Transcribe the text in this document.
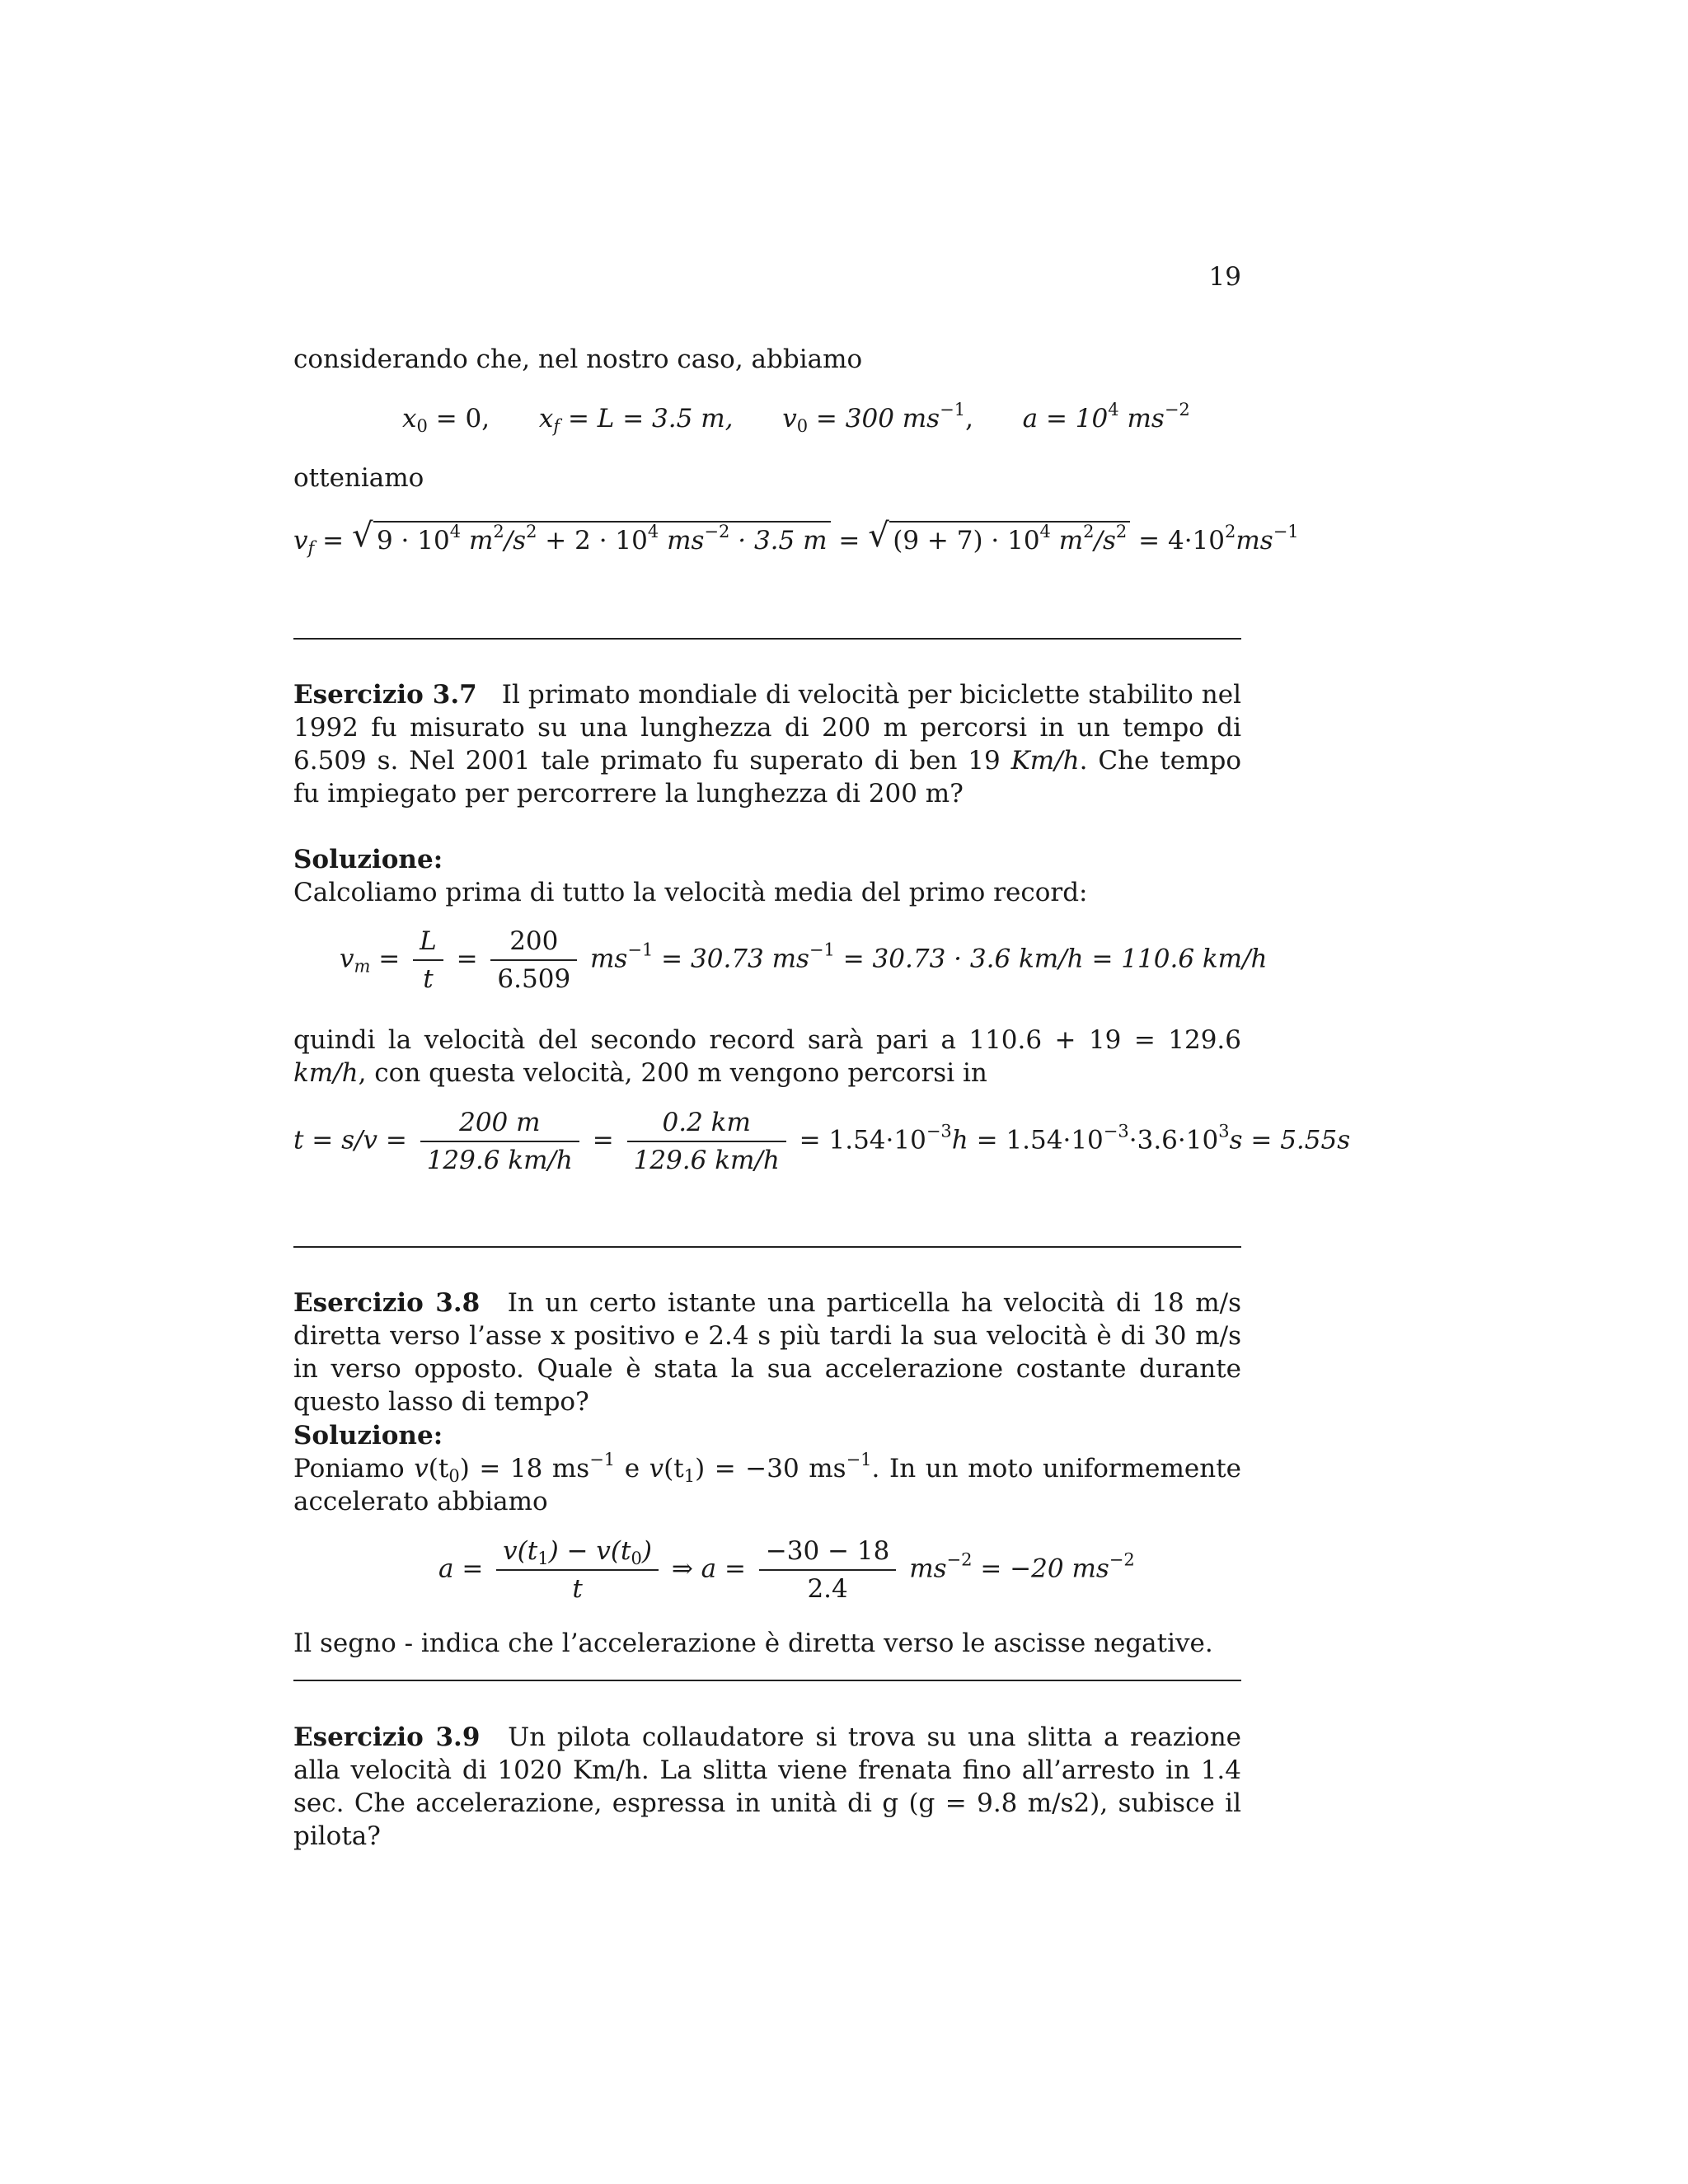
19
considerando che, nel nostro caso, abbiamo
$x_0 = 0$, $x_f = L = 3.5$ m, $v_0 = 300$ $ms^{-1}$, $a = 10^4$ $ms^{-2}$
otteniamo
$v_f$ = √ $9 \cdot 10^4$ $m^2/s^2 + 2 \cdot 10^4$ $ms^{-2} \cdot 3.5$ m = √ $(9 + 7) \cdot 10^4$ $m^2/s^2 = 4\cdot 10^2ms^{-1}$
Esercizio 3.7 Il primato mondiale di velocità per biciclette stabilito nel 1992 fu misurato su una lunghezza di 200 m percorsi in un tempo di 6.509 s. Nel 2001 tale primato fu superato di ben 19 Km/h. Che tempo fu impiegato per percorrere la lunghezza di 200 m?
Soluzione:
Calcoliamo prima di tutto la velocità media del primo record:
$v_m = \frac{L}{t} = \frac{200}{6.509} ms^{-1} = 30.73$ $ms^{-1} = 30.73 \cdot 3.6$ km/h = 110.6 km/h
quindi la velocità del secondo record sarà pari a 110.6 + 19 = 129.6 km/h, con questa velocità, 200 m vengono percorsi in
$t = s/v = \frac{200 m}{129.6 km/h} = \frac{0.2 km}{129.6 km/h} = 1.54\cdot 10^{-3}h = 1.54\cdot 10^{-3}\cdot 3.6\cdot 10^3s = 5.55s$
Esercizio 3.8 In un certo istante una particella ha velocità di 18 m/s diretta verso l’asse x positivo e 2.4 s più tardi la sua velocità è di 30 m/s in verso opposto. Quale è stata la sua accelerazione costante durante questo lasso di tempo?
Soluzione:
Poniamo $v(t_0) = 18$ $ms^{-1}$ e $v(t_1) = -30$ $ms^{-1}$. In un moto uniformemente accelerato abbiamo
$a = \frac{v(t_1) - v(t_0)}{t}$ ⇒ $a = \frac{-30 - 18}{2.4} ms^{-2} = -20$ $ms^{-2}$
Il segno - indica che l’accelerazione è diretta verso le ascisse negative.
Esercizio 3.9 Un pilota collaudatore si trova su una slitta a reazione alla velocità di 1020 Km/h. La slitta viene frenata fino all’arresto in 1.4 sec. Che accelerazione, espressa in unità di g (g = 9.8 m/s2), subisce il pilota?
